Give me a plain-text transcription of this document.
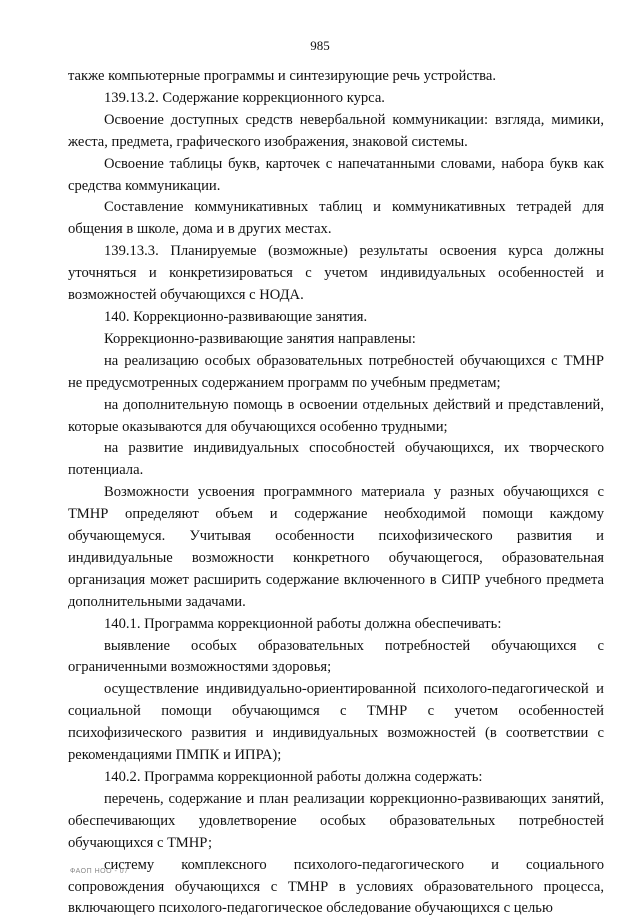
985

также компьютерные программы и синтезирующие речь устройства.

139.13.2. Содержание коррекционного курса.

Освоение доступных средств невербальной коммуникации: взгляда, мимики, жеста, предмета, графического изображения, знаковой системы.

Освоение таблицы букв, карточек с напечатанными словами, набора букв как средства коммуникации.

Составление коммуникативных таблиц и коммуникативных тетрадей для общения в школе, дома и в других местах.

139.13.3. Планируемые (возможные) результаты освоения курса должны уточняться и конкретизироваться с учетом индивидуальных особенностей и возможностей обучающихся с НОДА.

140. Коррекционно-развивающие занятия.

Коррекционно-развивающие занятия направлены:

на реализацию особых образовательных потребностей обучающихся с ТМНР не предусмотренных содержанием программ по учебным предметам;

на дополнительную помощь в освоении отдельных действий и представлений, которые оказываются для обучающихся особенно трудными;

на развитие индивидуальных способностей обучающихся, их творческого потенциала.

Возможности усвоения программного материала у разных обучающихся с ТМНР определяют объем и содержание необходимой помощи каждому обучающемуся. Учитывая особенности психофизического развития и индивидуальные возможности конкретного обучающегося, образовательная организация может расширить содержание включенного в СИПР учебного предмета дополнительными задачами.

140.1. Программа коррекционной работы должна обеспечивать:

выявление особых образовательных потребностей обучающихся с ограниченными возможностями здоровья;

осуществление индивидуально-ориентированной психолого-педагогической и социальной помощи обучающимся с ТМНР с учетом особенностей психофизического развития и индивидуальных возможностей (в соответствии с рекомендациями ПМПК и ИПРА);

140.2. Программа коррекционной работы должна содержать:

перечень, содержание и план реализации коррекционно-развивающих занятий, обеспечивающих удовлетворение особых образовательных потребностей обучающихся с ТМНР;

систему комплексного психолого-педагогического и социального сопровождения обучающихся с ТМНР в условиях образовательного процесса, включающего психолого-педагогическое обследование обучающихся с целью

ФАОП НОО - 07
